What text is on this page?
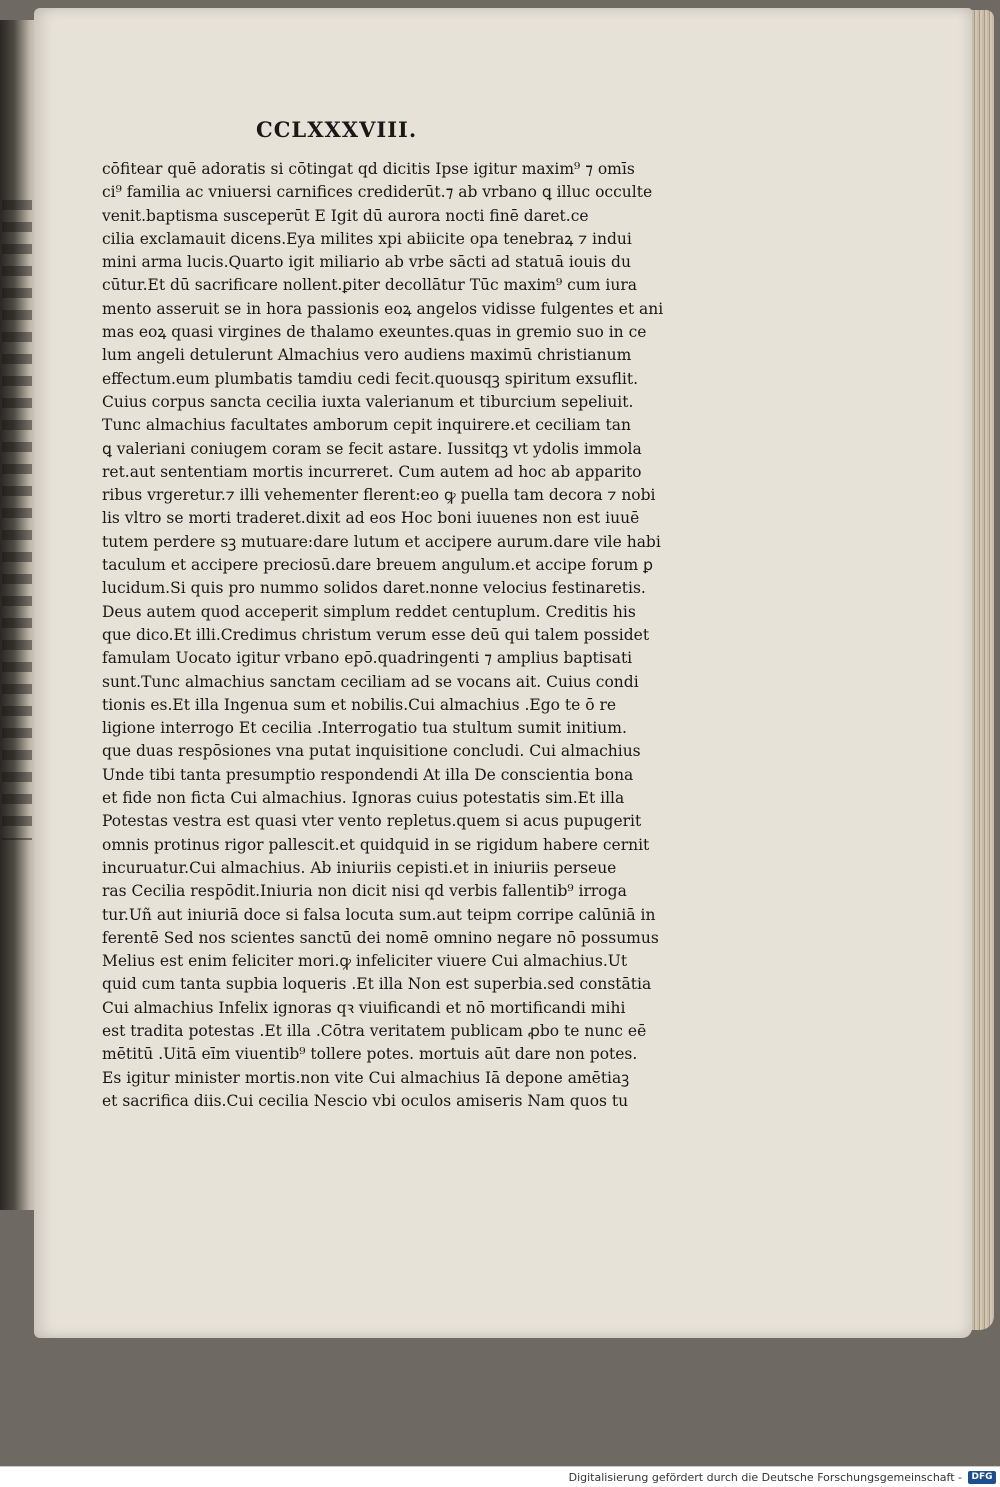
CCLXXXVIII.
cōfitear quē adoratis si cōtingat qd dicitis Ipse igitur maxim⁹ ⁊ omīs
ci⁹ familia ac vniuersi carnifices crediderūt.⁊ ab vrbano ꝗ illuc occulte
venit.baptisma susceperūt E Igit dū aurora nocti finē daret.ce
cilia exclamauit dicens.Eya milites xpi abiicite opa tenebraꝝ ⁊ indui
mini arma lucis.Quarto igit miliario ab vrbe sācti ad statuā iouis du
cūtur.Et dū sacrificare nollent.ꝑiter decollātur Tūc maxim⁹ cum iura
mento asseruit se in hora passionis eoꝝ angelos vidisse fulgentes et ani
mas eoꝝ quasi virgines de thalamo exeuntes.quas in gremio suo in ce
lum angeli detulerunt Almachius vero audiens maximū christianum
effectum.eum plumbatis tamdiu cedi fecit.quousqꝫ spiritum exsuflit.
Cuius corpus sancta cecilia iuxta valerianum et tiburcium sepeliuit.
Tunc almachius facultates amborum cepit inquirere.et ceciliam tan
ꝗ valeriani coniugem coram se fecit astare. Iussitqꝫ vt ydolis immola
ret.aut sententiam mortis incurreret. Cum autem ad hoc ab apparito
ribus vrgeretur.⁊ illi vehementer flerent:eo ꝙ puella tam decora ⁊ nobi
lis vltro se morti traderet.dixit ad eos Hoc boni iuuenes non est iuuē
tutem perdere sꝫ mutuare:dare lutum et accipere aurum.dare vile habi
taculum et accipere preciosū.dare breuem angulum.et accipe forum ꝑ
lucidum.Si quis pro nummo solidos daret.nonne velocius festinaretis.
Deus autem quod acceperit simplum reddet centuplum. Creditis his
que dico.Et illi.Credimus christum verum esse deū qui talem possidet
famulam Uocato igitur vrbano epō.quadringenti ⁊ amplius baptisati
sunt.Tunc almachius sanctam ceciliam ad se vocans ait. Cuius condi
tionis es.Et illa Ingenua sum et nobilis.Cui almachius .Ego te ō re
ligione interrogo Et cecilia .Interrogatio tua stultum sumit initium.
que duas respōsiones vna putat inquisitione concludi. Cui almachius
Unde tibi tanta presumptio respondendi At illa De conscientia bona
et fide non ficta Cui almachius. Ignoras cuius potestatis sim.Et illa
Potestas vestra est quasi vter vento repletus.quem si acus pupugerit
omnis protinus rigor pallescit.et quidquid in se rigidum habere cernit
incuruatur.Cui almachius. Ab iniuriis cepisti.et in iniuriis perseue
ras Cecilia respōdit.Iniuria non dicit nisi qd verbis fallentib⁹ irroga
tur.Uñ aut iniuriā doce si falsa locuta sum.aut teipm corripe calūniā in
ferentē Sed nos scientes sanctū dei nomē omnino negare nō possumus
Melius est enim feliciter mori.ꝙ infeliciter viuere Cui almachius.Ut
quid cum tanta supbia loqueris .Et illa Non est superbia.sed constātia
Cui almachius Infelix ignoras qꝛ viuificandi et nō mortificandi mihi
est tradita potestas .Et illa .Cōtra veritatem publicam ꝓbo te nunc eē
mētitū .Uitā eīm viuentib⁹ tollere potes. mortuis aūt dare non potes.
Es igitur minister mortis.non vite Cui almachius Iā depone amētiaꝫ
et sacrifica diis.Cui cecilia Nescio vbi oculos amiseris Nam quos tu
Digitalisierung gefördert durch die Deutsche Forschungsgemeinschaft -	DFG
